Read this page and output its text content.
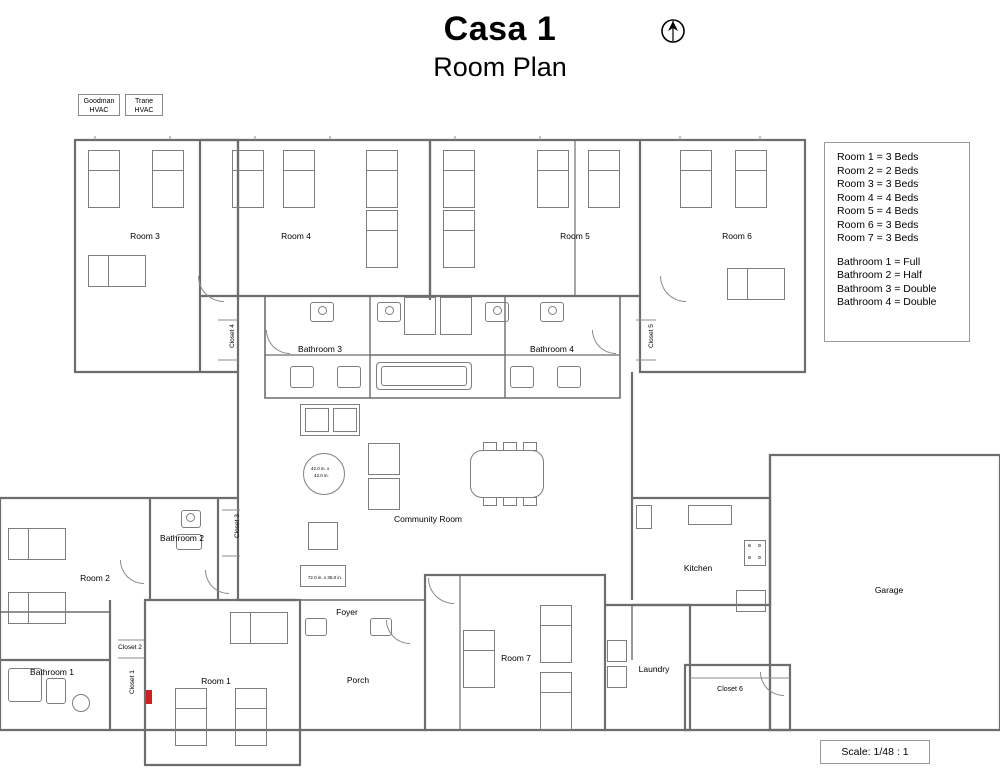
Casa 1
Room Plan
Room 1 = 3 Beds
Room 2 = 2 Beds
Room 3 = 3 Beds
Room 4 = 4 Beds
Room 5 = 4 Beds
Room 6 = 3 Beds
Room 7 = 3 Beds
Bathroom 1 = Full
Bathroom 2 = Half
Bathroom 3 = Double
Bathroom 4 = Double
Scale: 1/48 : 1
Goodman
HVAC
Trane
HVAC
42.0 in. x
42.0 in.
72.0 in. x 36.0 in.
Room 3	Room 4	Room 5	Room 6
Room 2
Room 1
Room 7
Bathroom 3	Bathroom 4
Bathroom 2
Bathroom 1
Community Room
Foyer
Porch
Kitchen
Laundry
Garage
Closet 4	Closet 5
Closet 3
Closet 2
Closet 1	Closet 6
